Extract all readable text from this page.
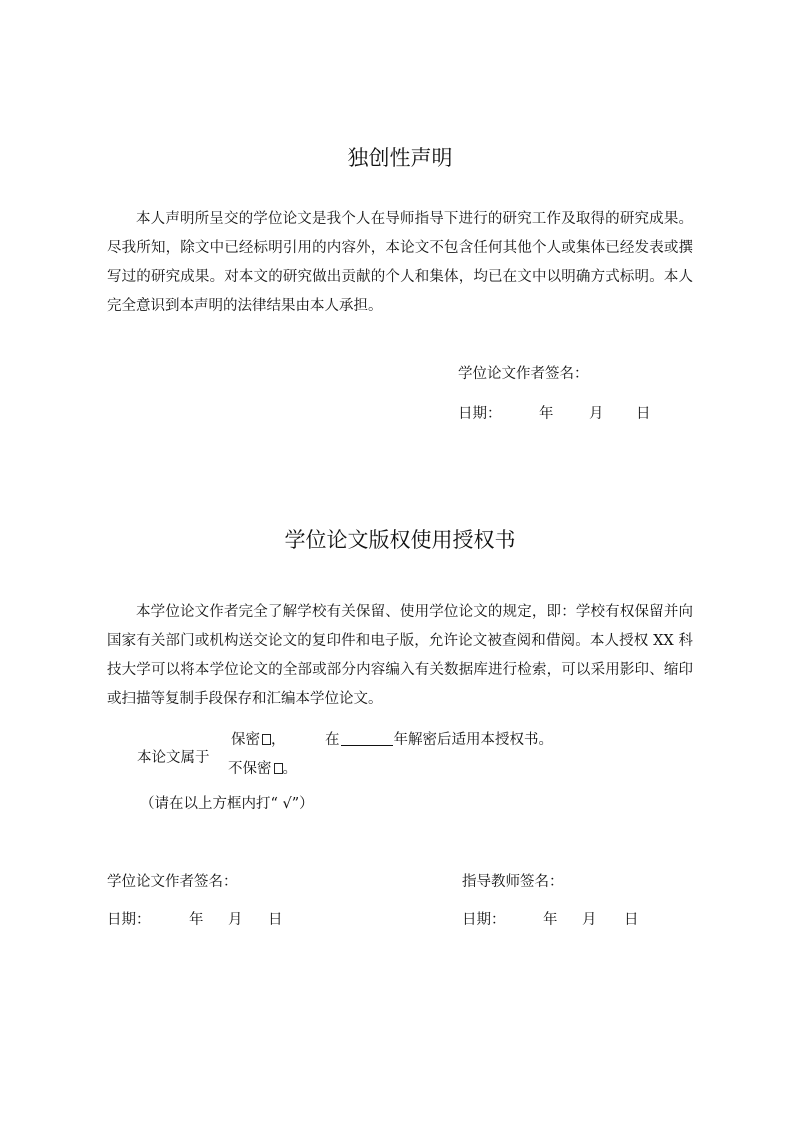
独创性声明

本人声明所呈交的学位论文是我个人在导师指导下进行的研究工作及取得的研究成果。尽我所知，除文中已经标明引用的内容外，本论文不包含任何其他个人或集体已经发表或撰写过的研究成果。对本文的研究做出贡献的个人和集体，均已在文中以明确方式标明。本人完全意识到本声明的法律结果由本人承担。

学位论文作者签名：
日期：	年 月 日
学位论文版权使用授权书

本学位论文作者完全了解学校有关保留、使用学位论文的规定，即：学校有权保留并向国家有关部门或机构送交论文的复印件和电子版，允许论文被查阅和借阅。本人授权 XX 科技大学可以将本学位论文的全部或部分内容编入有关数据库进行检索，可以采用影印、缩印或扫描等复制手段保存和汇编本学位论文。

保密 ，	在	年解密后适用本授权书。
本论文属于
不保密 。
（请在以上方框内打“ √”）
学位论文作者签名：	指导教师签名：
日期：	年 月 日	日期：	年 月 日
